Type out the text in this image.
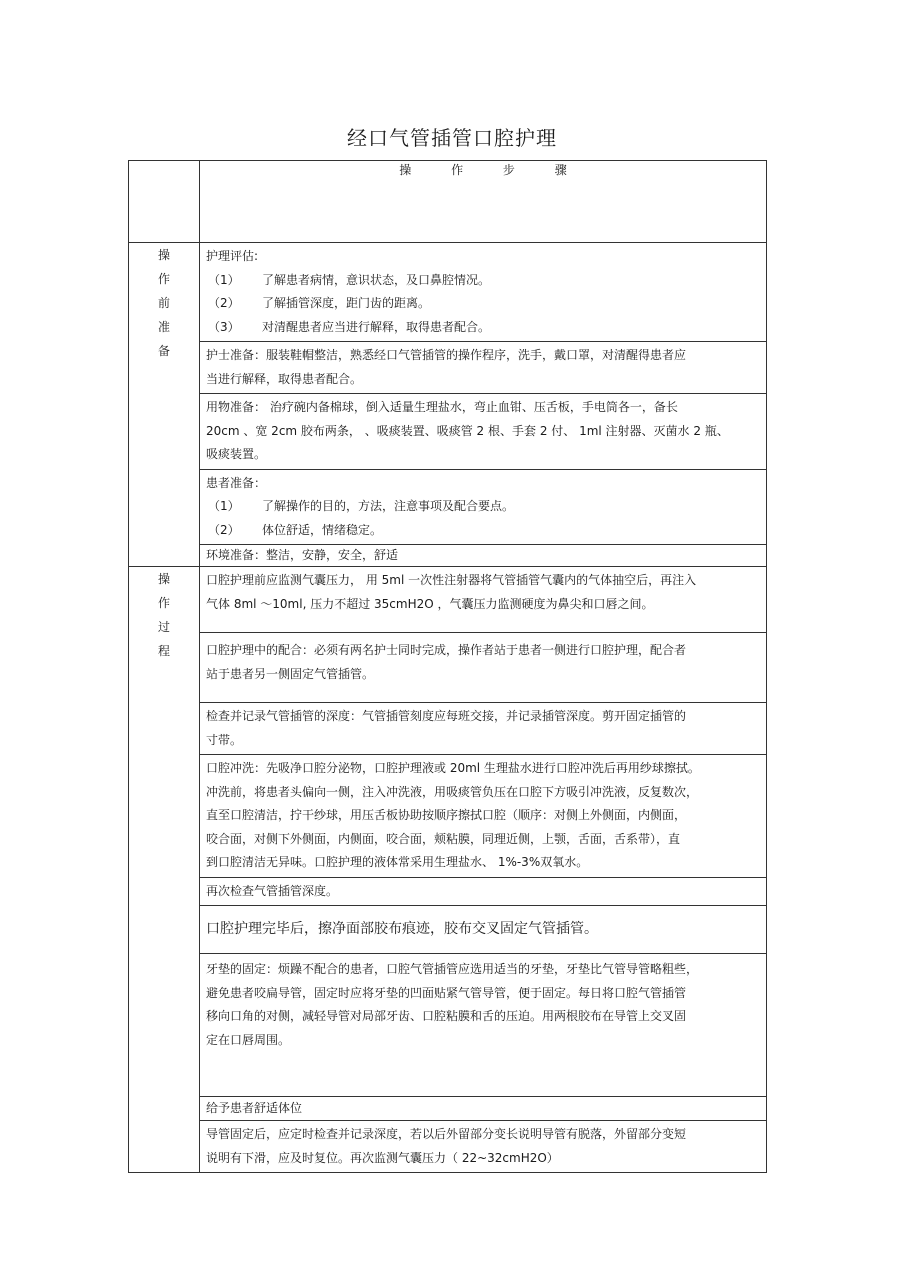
经口气管插管口腔护理

	操 作 步 骤

操作前准备	护理评估:
（1） 了解患者病情，意识状态，及口鼻腔情况。
（2） 了解插管深度，距门齿的距离。
（3） 对清醒患者应当进行解释，取得患者配合。

	护士准备：服装鞋帽整洁，熟悉经口气管插管的操作程序，洗手，戴口罩，对清醒得患者应
当进行解释，取得患者配合。

	用物准备： 治疗碗内备棉球，倒入适量生理盐水，弯止血钳、压舌板，手电筒各一，备长
20cm 、宽 2cm 胶布两条， 、吸痰装置、吸痰管 2 根、手套 2 付、 1ml 注射器、灭菌水 2 瓶、
吸痰装置。

	患者准备：
（1） 了解操作的目的，方法，注意事项及配合要点。
（2） 体位舒适，情绪稳定。

	环境准备：整洁，安静，安全，舒适

操作过程	口腔护理前应监测气囊压力， 用 5ml 一次性注射器将气管插管气囊内的气体抽空后，再注入
气体 8ml ～10ml, 压力不超过 35cmH2O ，气囊压力监测硬度为鼻尖和口唇之间。

	口腔护理中的配合：必须有两名护士同时完成，操作者站于患者一侧进行口腔护理，配合者
站于患者另一侧固定气管插管。

	检查并记录气管插管的深度：气管插管刻度应每班交接，并记录插管深度。剪开固定插管的
寸带。

	口腔冲洗：先吸净口腔分泌物，口腔护理液或 20ml 生理盐水进行口腔冲洗后再用纱球擦拭。
冲洗前，将患者头偏向一侧，注入冲洗液，用吸痰管负压在口腔下方吸引冲洗液，反复数次，
直至口腔清洁，拧干纱球，用压舌板协助按顺序擦拭口腔（顺序：对侧上外侧面，内侧面，
咬合面，对侧下外侧面，内侧面，咬合面，颊粘膜，同理近侧，上颚，舌面，舌系带），直
到口腔清洁无异味。口腔护理的液体常采用生理盐水、 1%-3%双氧水。

	再次检查气管插管深度。

	口腔护理完毕后，擦净面部胶布痕迹，胶布交叉固定气管插管。

	牙垫的固定：烦躁不配合的患者，口腔气管插管应选用适当的牙垫，牙垫比气管导管略粗些，
避免患者咬扁导管，固定时应将牙垫的凹面贴紧气管导管，便于固定。每日将口腔气管插管
移向口角的对侧，减轻导管对局部牙齿、口腔粘膜和舌的压迫。用两根胶布在导管上交叉固
定在口唇周围。

	给予患者舒适体位

	导管固定后，应定时检查并记录深度，若以后外留部分变长说明导管有脱落，外留部分变短
说明有下滑，应及时复位。再次监测气囊压力（ 22~32cmH2O）
